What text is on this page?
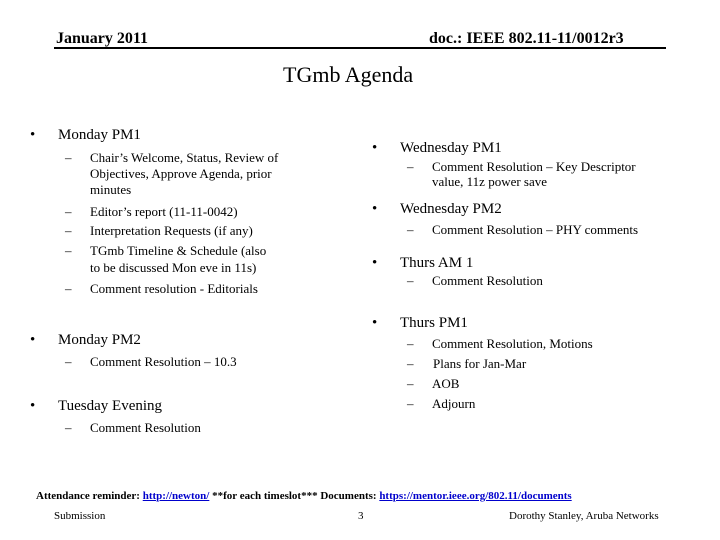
January 2011	doc.: IEEE 802.11-11/0012r3
TGmb Agenda
• Monday PM1
– Chair’s Welcome, Status, Review of
Objectives, Approve Agenda, prior
minutes
– Editor’s report (11-11-0042)
– Interpretation Requests (if any)
– TGmb Timeline & Schedule (also
to be discussed Mon eve in 11s)
– Comment resolution - Editorials
• Monday PM2
– Comment Resolution – 10.3
• Tuesday Evening
– Comment Resolution
• Wednesday PM1
– Comment Resolution – Key Descriptor
value, 11z power save
• Wednesday PM2
– Comment Resolution – PHY comments
• Thurs AM 1
– Comment Resolution
• Thurs PM1
– Comment Resolution, Motions
– Plans for Jan-Mar
– AOB
– Adjourn
Attendance reminder: http://newton/ **for each timeslot*** Documents: https://mentor.ieee.org/802.11/documents
Submission	3	Dorothy Stanley, Aruba Networks
